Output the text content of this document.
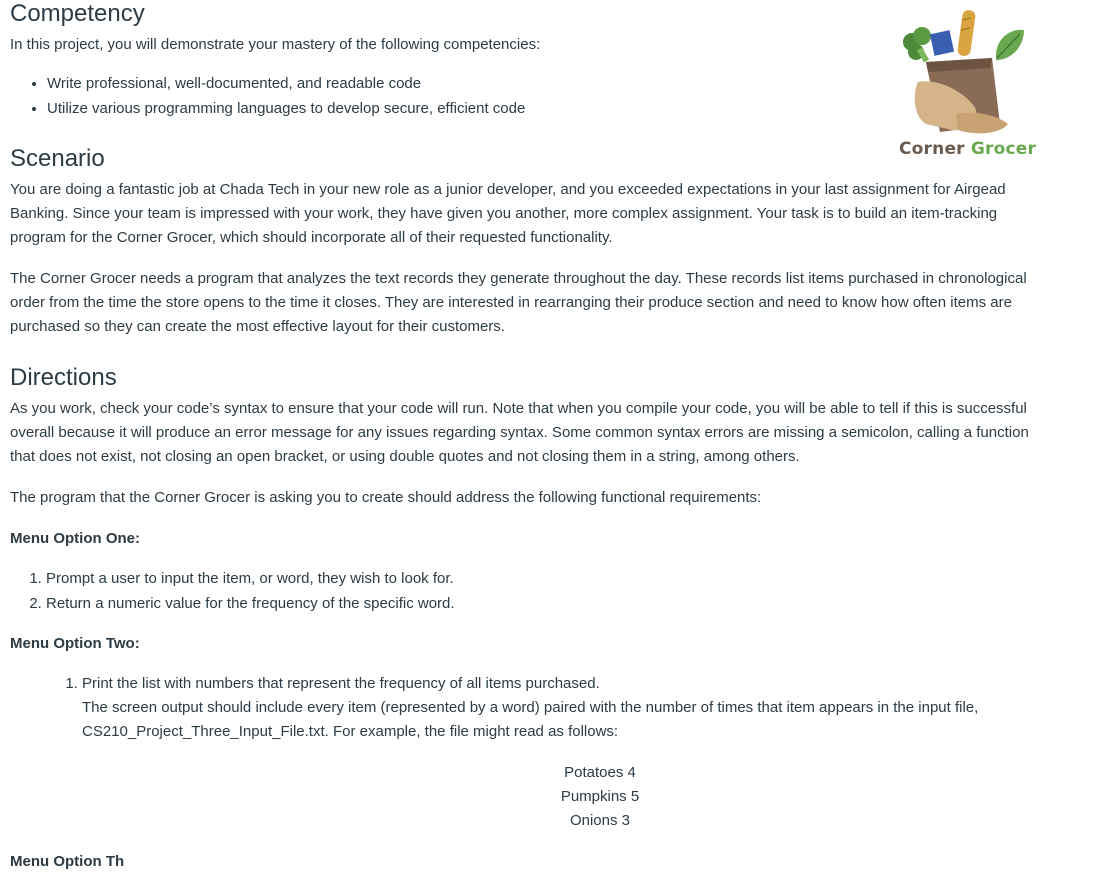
Competency

In this project, you will demonstrate your mastery of the following competencies:

• Write professional, well-documented, and readable code
• Utilize various programming languages to develop secure, efficient code
Scenario

You are doing a fantastic job at Chada Tech in your new role as a junior developer, and you exceeded expectations in your last assignment for Airgead Banking. Since your team is impressed with your work, they have given you another, more complex assignment. Your task is to build an item-tracking program for the Corner Grocer, which should incorporate all of their requested functionality.

The Corner Grocer needs a program that analyzes the text records they generate throughout the day. These records list items purchased in chronological order from the time the store opens to the time it closes. They are interested in rearranging their produce section and need to know how often items are purchased so they can create the most effective layout for their customers.

Directions

As you work, check your code’s syntax to ensure that your code will run. Note that when you compile your code, you will be able to tell if this is successful overall because it will produce an error message for any issues regarding syntax. Some common syntax errors are missing a semicolon, calling a function that does not exist, not closing an open bracket, or using double quotes and not closing them in a string, among others.

The program that the Corner Grocer is asking you to create should address the following functional requirements:

Menu Option One:
1. Prompt a user to input the item, or word, they wish to look for.
2. Return a numeric value for the frequency of the specific word.
Menu Option Two:
1. Print the list with numbers that represent the frequency of all items purchased.
The screen output should include every item (represented by a word) paired with the number of times that item appears in the input file, CS210_Project_Three_Input_File.txt. For example, the file might read as follows:
Potatoes 4
Pumpkins 5
Onions 3
Menu Option Th
Corner Grocer
